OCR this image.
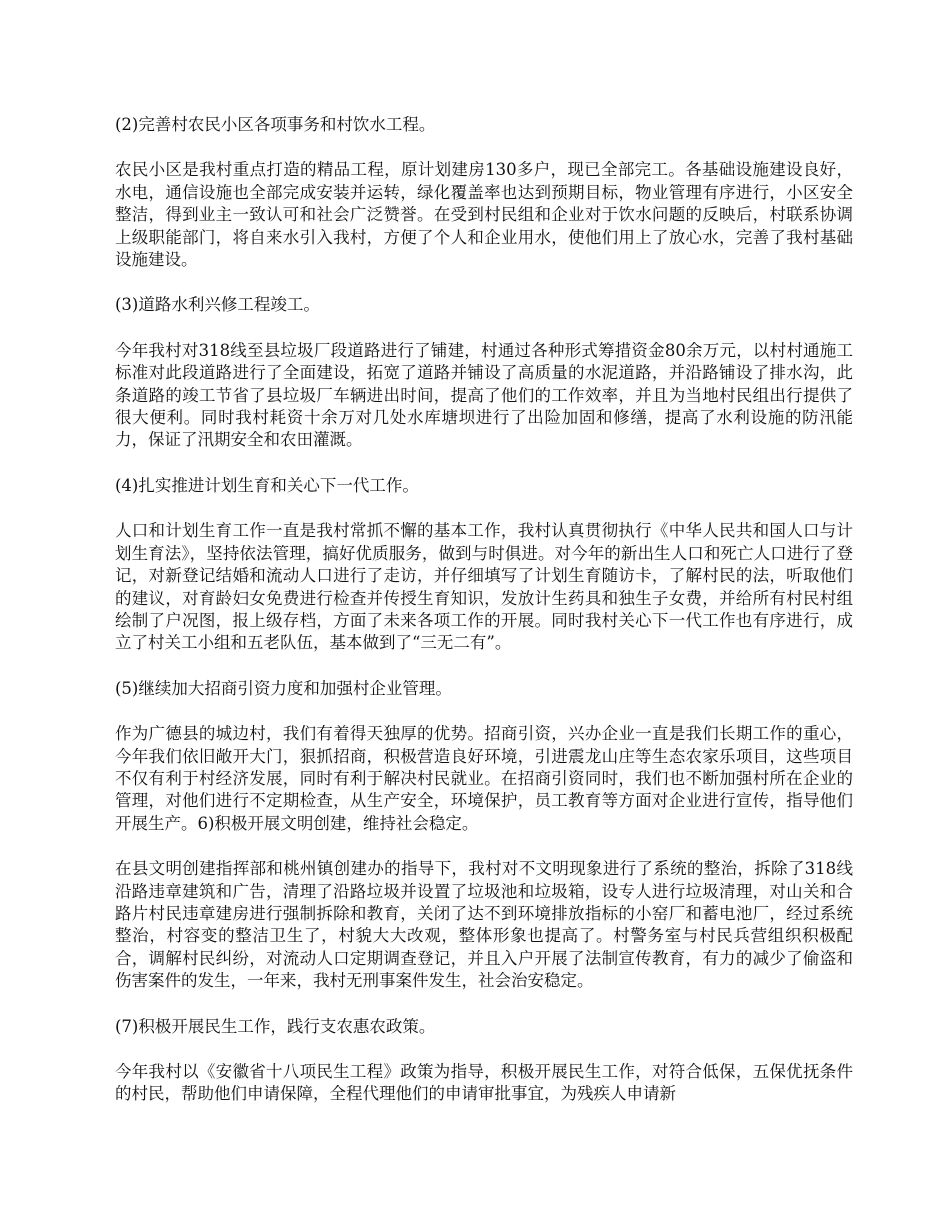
(2)完善村农民小区各项事务和村饮水工程。

农民小区是我村重点打造的精品工程，原计划建房130多户，现已全部完工。各基础设施建设良好，水电，通信设施也全部完成安装并运转，绿化覆盖率也达到预期目标，物业管理有序进行，小区安全整洁，得到业主一致认可和社会广泛赞誉。在受到村民组和企业对于饮水问题的反映后，村联系协调上级职能部门，将自来水引入我村，方便了个人和企业用水，使他们用上了放心水，完善了我村基础设施建设。

(3)道路水利兴修工程竣工。

今年我村对318线至县垃圾厂段道路进行了铺建，村通过各种形式筹措资金80余万元，以村村通施工标准对此段道路进行了全面建设，拓宽了道路并铺设了高质量的水泥道路，并沿路铺设了排水沟，此条道路的竣工节省了县垃圾厂车辆进出时间，提高了他们的工作效率，并且为当地村民组出行提供了很大便利。同时我村耗资十余万对几处水库塘坝进行了出险加固和修缮，提高了水利设施的防汛能力，保证了汛期安全和农田灌溉。

(4)扎实推进计划生育和关心下一代工作。

人口和计划生育工作一直是我村常抓不懈的基本工作，我村认真贯彻执行《中华人民共和国人口与计划生育法》，坚持依法管理，搞好优质服务，做到与时俱进。对今年的新出生人口和死亡人口进行了登记，对新登记结婚和流动人口进行了走访，并仔细填写了计划生育随访卡，了解村民的法，听取他们的建议，对育龄妇女免费进行检查并传授生育知识，发放计生药具和独生子女费，并给所有村民村组绘制了户况图，报上级存档，方面了未来各项工作的开展。同时我村关心下一代工作也有序进行，成立了村关工小组和五老队伍，基本做到了“三无二有”。

(5)继续加大招商引资力度和加强村企业管理。

作为广德县的城边村，我们有着得天独厚的优势。招商引资，兴办企业一直是我们长期工作的重心，今年我们依旧敞开大门，狠抓招商，积极营造良好环境，引进震龙山庄等生态农家乐项目，这些项目不仅有利于村经济发展，同时有利于解决村民就业。在招商引资同时，我们也不断加强村所在企业的管理，对他们进行不定期检查，从生产安全，环境保护，员工教育等方面对企业进行宣传，指导他们开展生产。6)积极开展文明创建，维持社会稳定。

在县文明创建指挥部和桃州镇创建办的指导下，我村对不文明现象进行了系统的整治，拆除了318线沿路违章建筑和广告，清理了沿路垃圾并设置了垃圾池和垃圾箱，设专人进行垃圾清理，对山关和合路片村民违章建房进行强制拆除和教育，关闭了达不到环境排放指标的小窑厂和蓄电池厂，经过系统整治，村容变的整洁卫生了，村貌大大改观，整体形象也提高了。村警务室与村民兵营组织积极配合，调解村民纠纷，对流动人口定期调查登记，并且入户开展了法制宣传教育，有力的减少了偷盗和伤害案件的发生，一年来，我村无刑事案件发生，社会治安稳定。

(7)积极开展民生工作，践行支农惠农政策。

今年我村以《安徽省十八项民生工程》政策为指导，积极开展民生工作，对符合低保，五保优抚条件的村民，帮助他们申请保障，全程代理他们的申请审批事宜，为残疾人申请新
